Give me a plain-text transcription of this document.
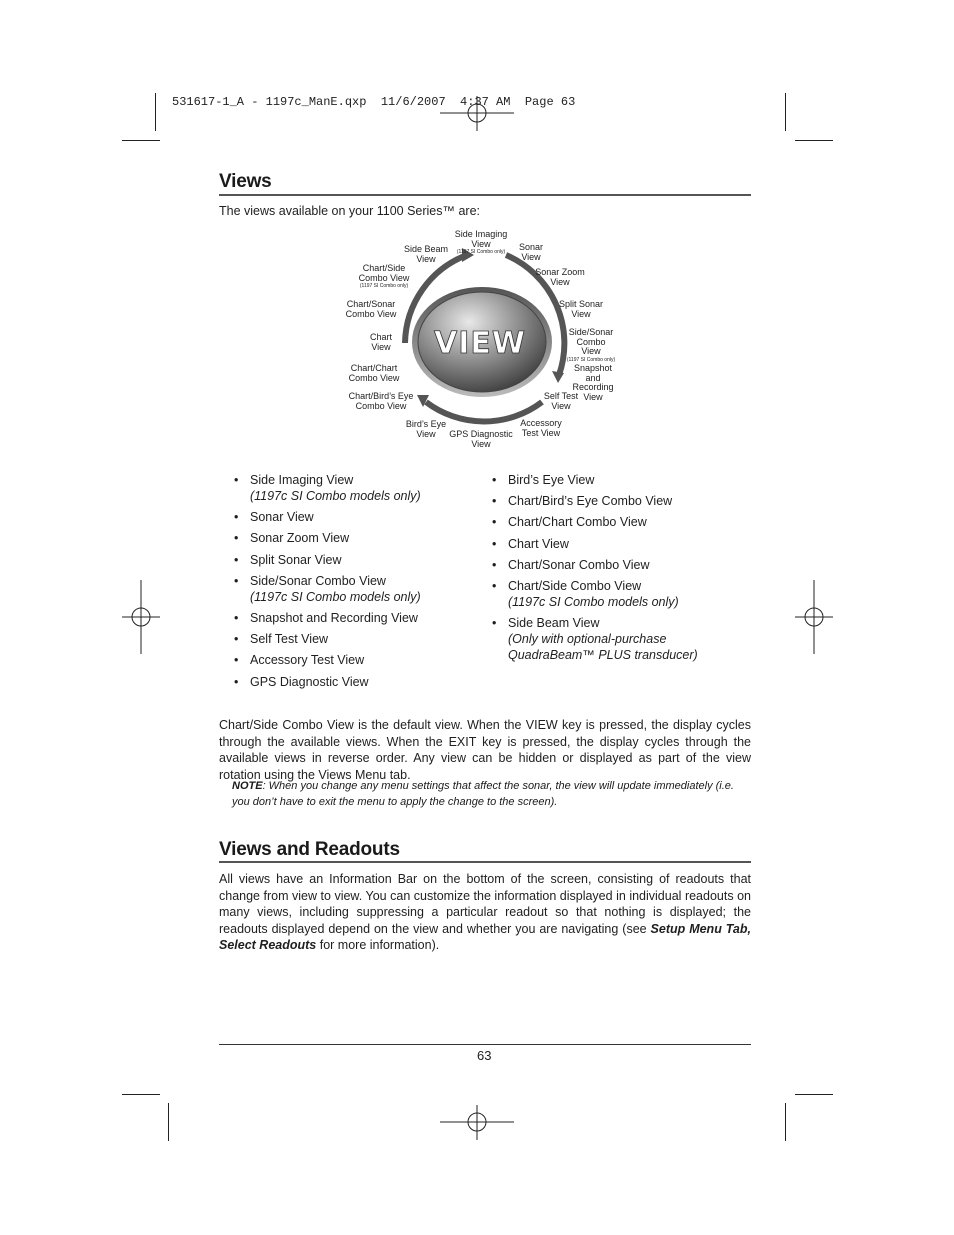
531617-1_A - 1197c_ManE.qxp  11/6/2007  4:37 AM  Page 63
Views
The views available on your 1100 Series™ are:
VIEW
Side Imaging
View
(1197 SI Combo only)
Sonar
View
Side Beam
View
Sonar Zoom
View
Chart/Side
Combo View
(1197 SI Combo only)
Split Sonar
View
Chart/Sonar
Combo View
Side/Sonar
Combo View
(1197 SI Combo only)
Chart
View
Snapshot and
Recording View
Chart/Chart
Combo View
Chart/Bird’s Eye
Combo View
Self Test
View
Bird’s Eye
View	GPS Diagnostic
View
Accessory
Test View
• Side Imaging View
(1197c SI Combo models only)
• Sonar View
• Sonar Zoom View
• Split Sonar View
• Side/Sonar Combo View
(1197c SI Combo models only)
• Snapshot and Recording View
• Self Test View
• Accessory Test View
• GPS Diagnostic View
• Bird’s Eye View
• Chart/Bird’s Eye Combo View
• Chart/Chart Combo View
• Chart View
• Chart/Sonar Combo View
• Chart/Side Combo View
(1197c SI Combo models only)
• Side Beam View
(Only with optional-purchase
QuadraBeam™ PLUS transducer)
Chart/Side Combo View is the default view. When the VIEW key is pressed, the display cycles through the available views. When the EXIT key is pressed, the display cycles through the available views in reverse order. Any view can be hidden or displayed as part of the view rotation using the Views Menu tab.
NOTE: When you change any menu settings that affect the sonar, the view will update immediately (i.e. you don’t have to exit the menu to apply the change to the screen).
Views and Readouts
All views have an Information Bar on the bottom of the screen, consisting of readouts that change from view to view. You can customize the information displayed in individual readouts on many views, including suppressing a particular readout so that nothing is displayed; the readouts displayed depend on the view and whether you are navigating (see Setup Menu Tab, Select Readouts for more information).
63
